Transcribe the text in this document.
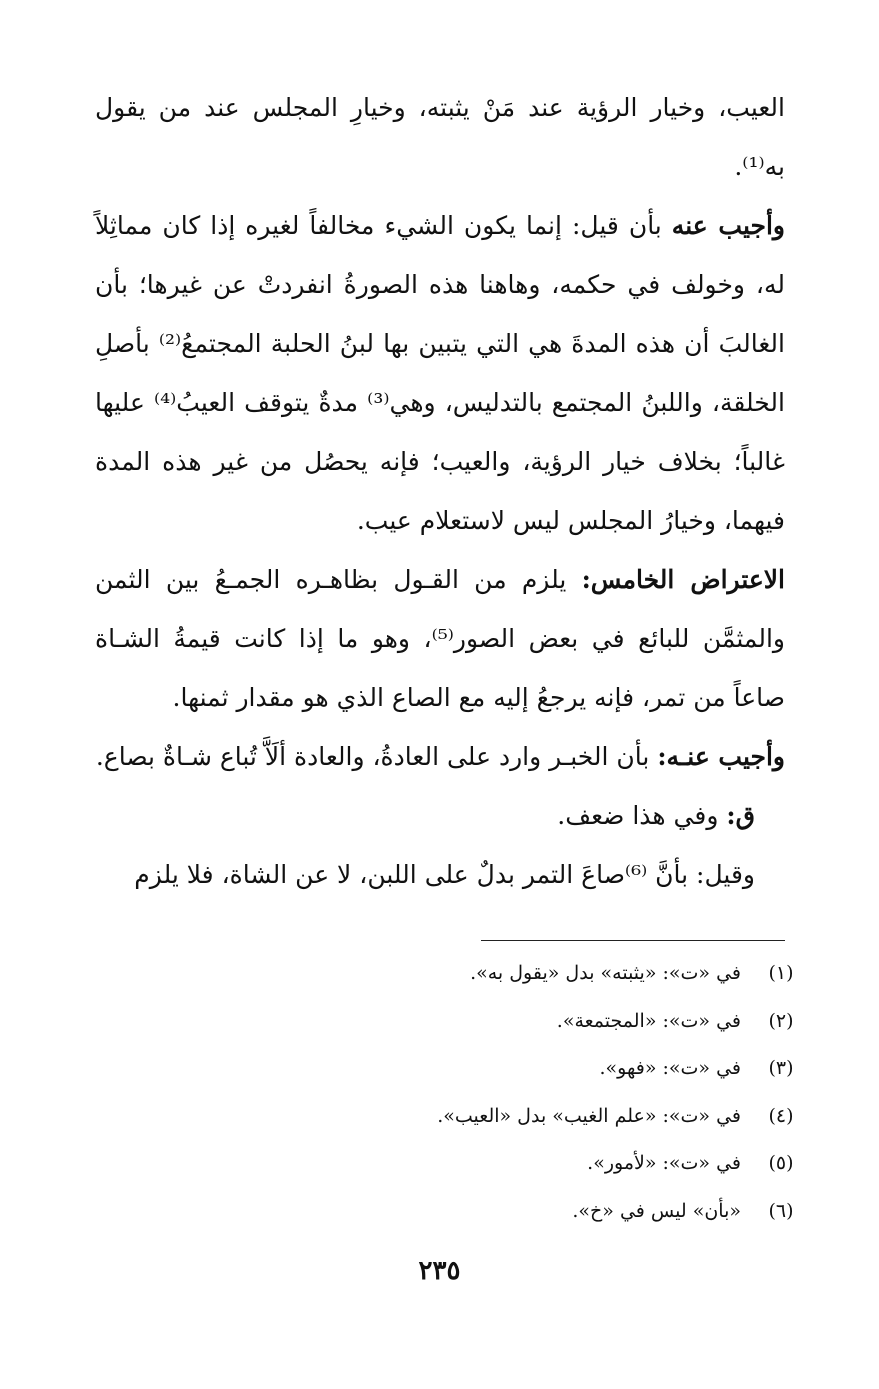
العيب، وخيار الرؤية عند مَنْ يثبته، وخيارِ المجلس عند من يقول به⁽¹⁾.

وأجيب عنه بأن قيل: إنما يكون الشيء مخالفاً لغيره إذا كان مماثِلاً له، وخولف في حكمه، وهاهنا هذه الصورةُ انفردتْ عن غيرها؛ بأن الغالبَ أن هذه المدةَ هي التي يتبين بها لبنُ الحلبة المجتمعُ⁽²⁾ بأصلِ الخلقة، واللبنُ المجتمع بالتدليس، وهي⁽³⁾ مدةٌ يتوقف العيبُ⁽⁴⁾ عليها غالباً؛ بخلاف خيار الرؤية، والعيب؛ فإنه يحصُل من غير هذه المدة فيهما، وخيارُ المجلس ليس لاستعلام عيب.

الاعتراض الخامس: يلزم من القـول بظاهـره الجمـعُ بين الثمن والمثمَّن للبائع في بعض الصور⁽⁵⁾، وهو ما إذا كانت قيمةُ الشـاة صاعاً من تمر، فإنه يرجعُ إليه مع الصاع الذي هو مقدار ثمنها.

وأجيب عنـه: بأن الخبـر وارد على العادةُ، والعادة ألَاَّ تُباع شـاةٌ بصاع.

ق: وفي هذا ضعف.

وقيل: بأنَّ ⁽⁶⁾صاعَ التمر بدلٌ على اللبن، لا عن الشاة، فلا يلزم

(١)
في «ت»: «يثبته» بدل «يقول به».
(٢)
في «ت»: «المجتمعة».
(٣)
في «ت»: «فهو».
(٤)
في «ت»: «علم الغيب» بدل «العيب».
(٥)
في «ت»: «لأمور».
(٦)
«بأن» ليس في «خ».
٢٣٥
